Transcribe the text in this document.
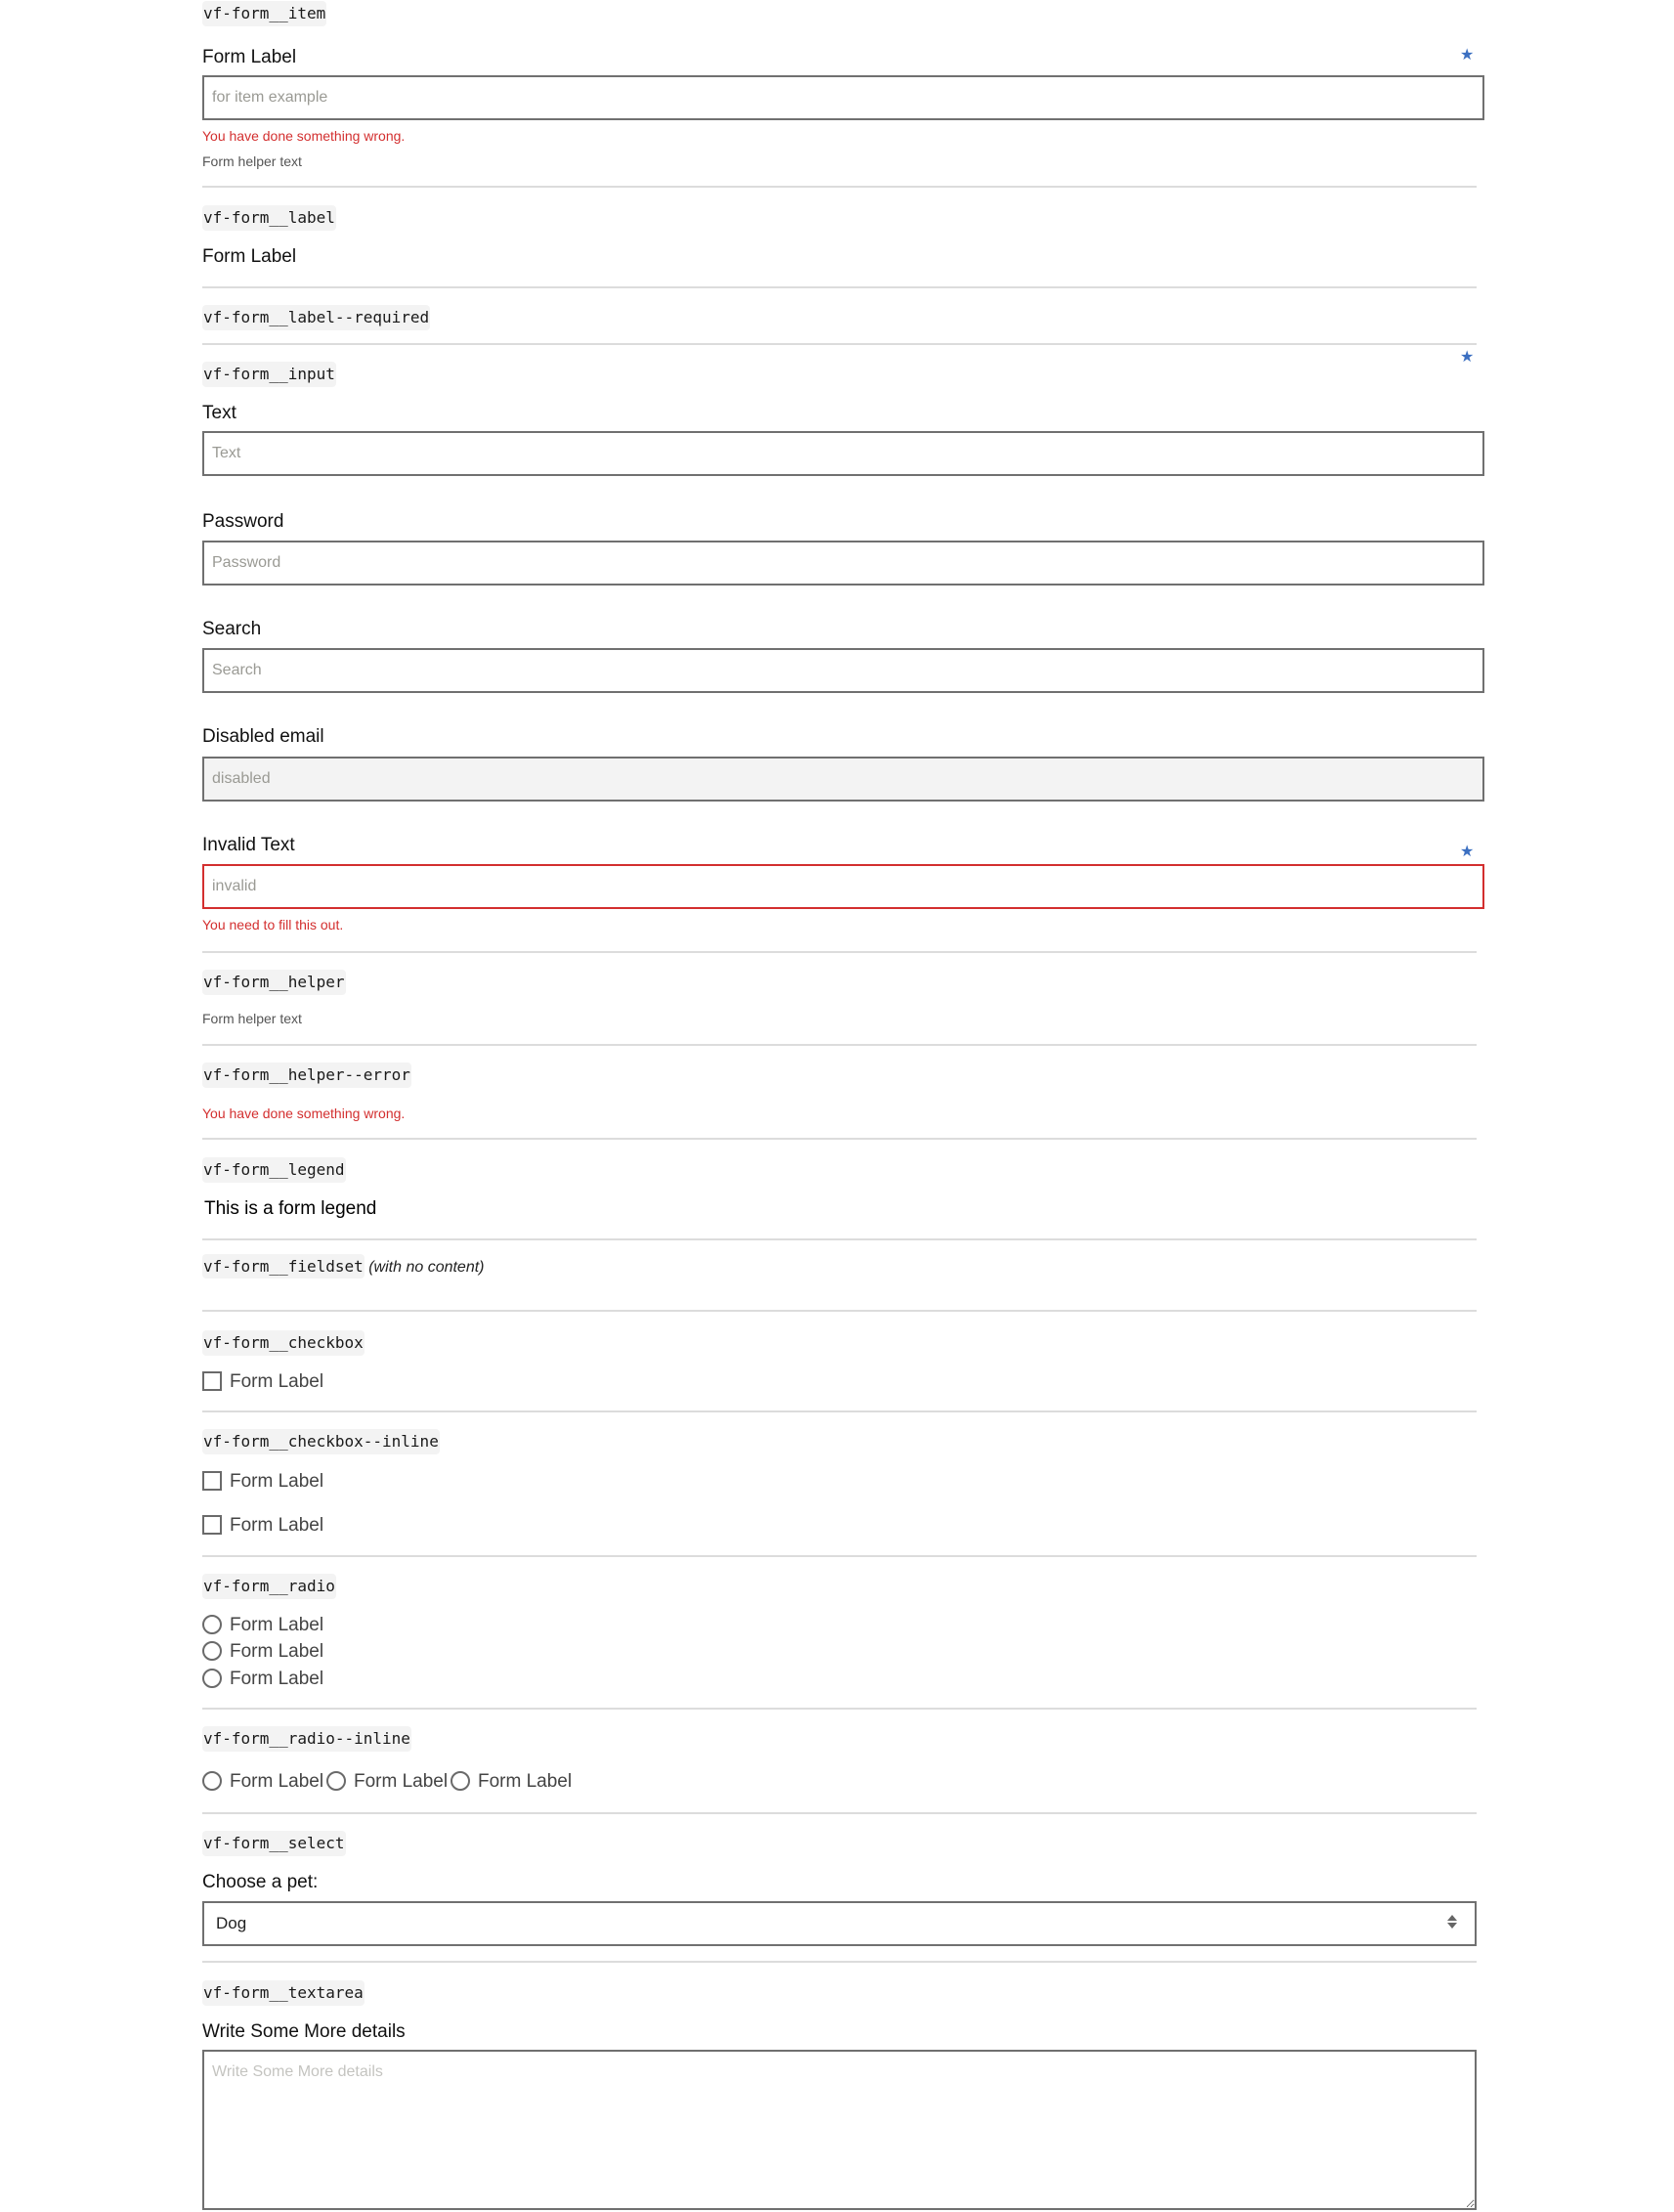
vf-form__item
Form Label	★
for item example
You have done something wrong.
Form helper text
vf-form__label
Form Label
vf-form__label--required
vf-form__input
★
Text
Text
Password
Search
Search
Disabled email
disabled
Invalid Text	★
invalid
You need to fill this out.
vf-form__helper
Form helper text
vf-form__helper--error
You have done something wrong.
vf-form__legend
This is a form legend
vf-form__fieldset (with no content)
vf-form__checkbox
Form Label
vf-form__checkbox--inline
Form Label
Form Label
vf-form__radio
Form Label
Form Label
Form Label
vf-form__radio--inline
Form Label Form Label Form Label
vf-form__select
Choose a pet:
Dog
vf-form__textarea
Write Some More details
Write Some More details
